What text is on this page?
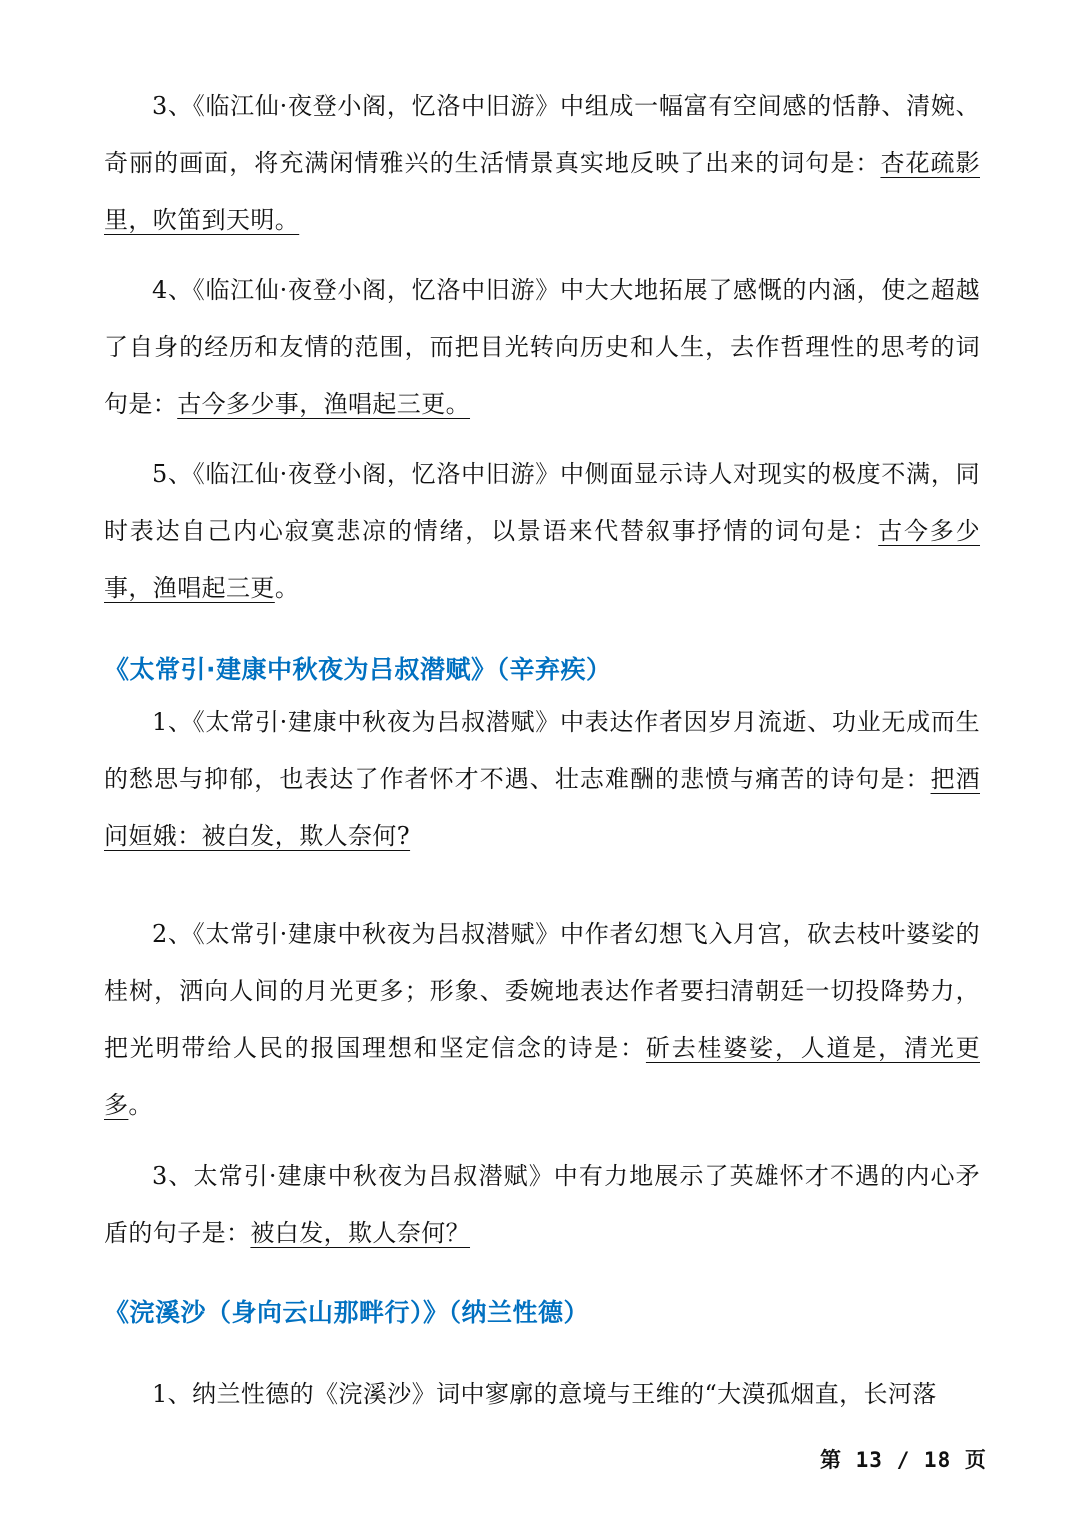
3、《临江仙·夜登小阁，忆洛中旧游》中组成一幅富有空间感的恬静、清婉、奇丽的画面，将充满闲情雅兴的生活情景真实地反映了出来的词句是：杏花疏影里，吹笛到天明。

4、《临江仙·夜登小阁，忆洛中旧游》中大大地拓展了感慨的内涵，使之超越了自身的经历和友情的范围，而把目光转向历史和人生，去作哲理性的思考的词句是：古今多少事，渔唱起三更。

5、《临江仙·夜登小阁，忆洛中旧游》中侧面显示诗人对现实的极度不满，同时表达自己内心寂寞悲凉的情绪，以景语来代替叙事抒情的词句是：古今多少事，渔唱起三更。

《太常引·建康中秋夜为吕叔潜赋》（辛弃疾）

1、《太常引·建康中秋夜为吕叔潜赋》中表达作者因岁月流逝、功业无成而生的愁思与抑郁，也表达了作者怀才不遇、壮志难酬的悲愤与痛苦的诗句是：把酒问姮娥：被白发，欺人奈何?

2、《太常引·建康中秋夜为吕叔潜赋》中作者幻想飞入月宫，砍去枝叶婆娑的桂树，洒向人间的月光更多；形象、委婉地表达作者要扫清朝廷一切投降势力，把光明带给人民的报国理想和坚定信念的诗是：斫去桂婆娑，人道是，清光更多。

3、太常引·建康中秋夜为吕叔潜赋》中有力地展示了英雄怀才不遇的内心矛盾的句子是：被白发，欺人奈何？

《浣溪沙（身向云山那畔行）》（纳兰性德）

1、纳兰性德的《浣溪沙》词中寥廓的意境与王维的“大漠孤烟直，长河落

第 13 / 18 页
